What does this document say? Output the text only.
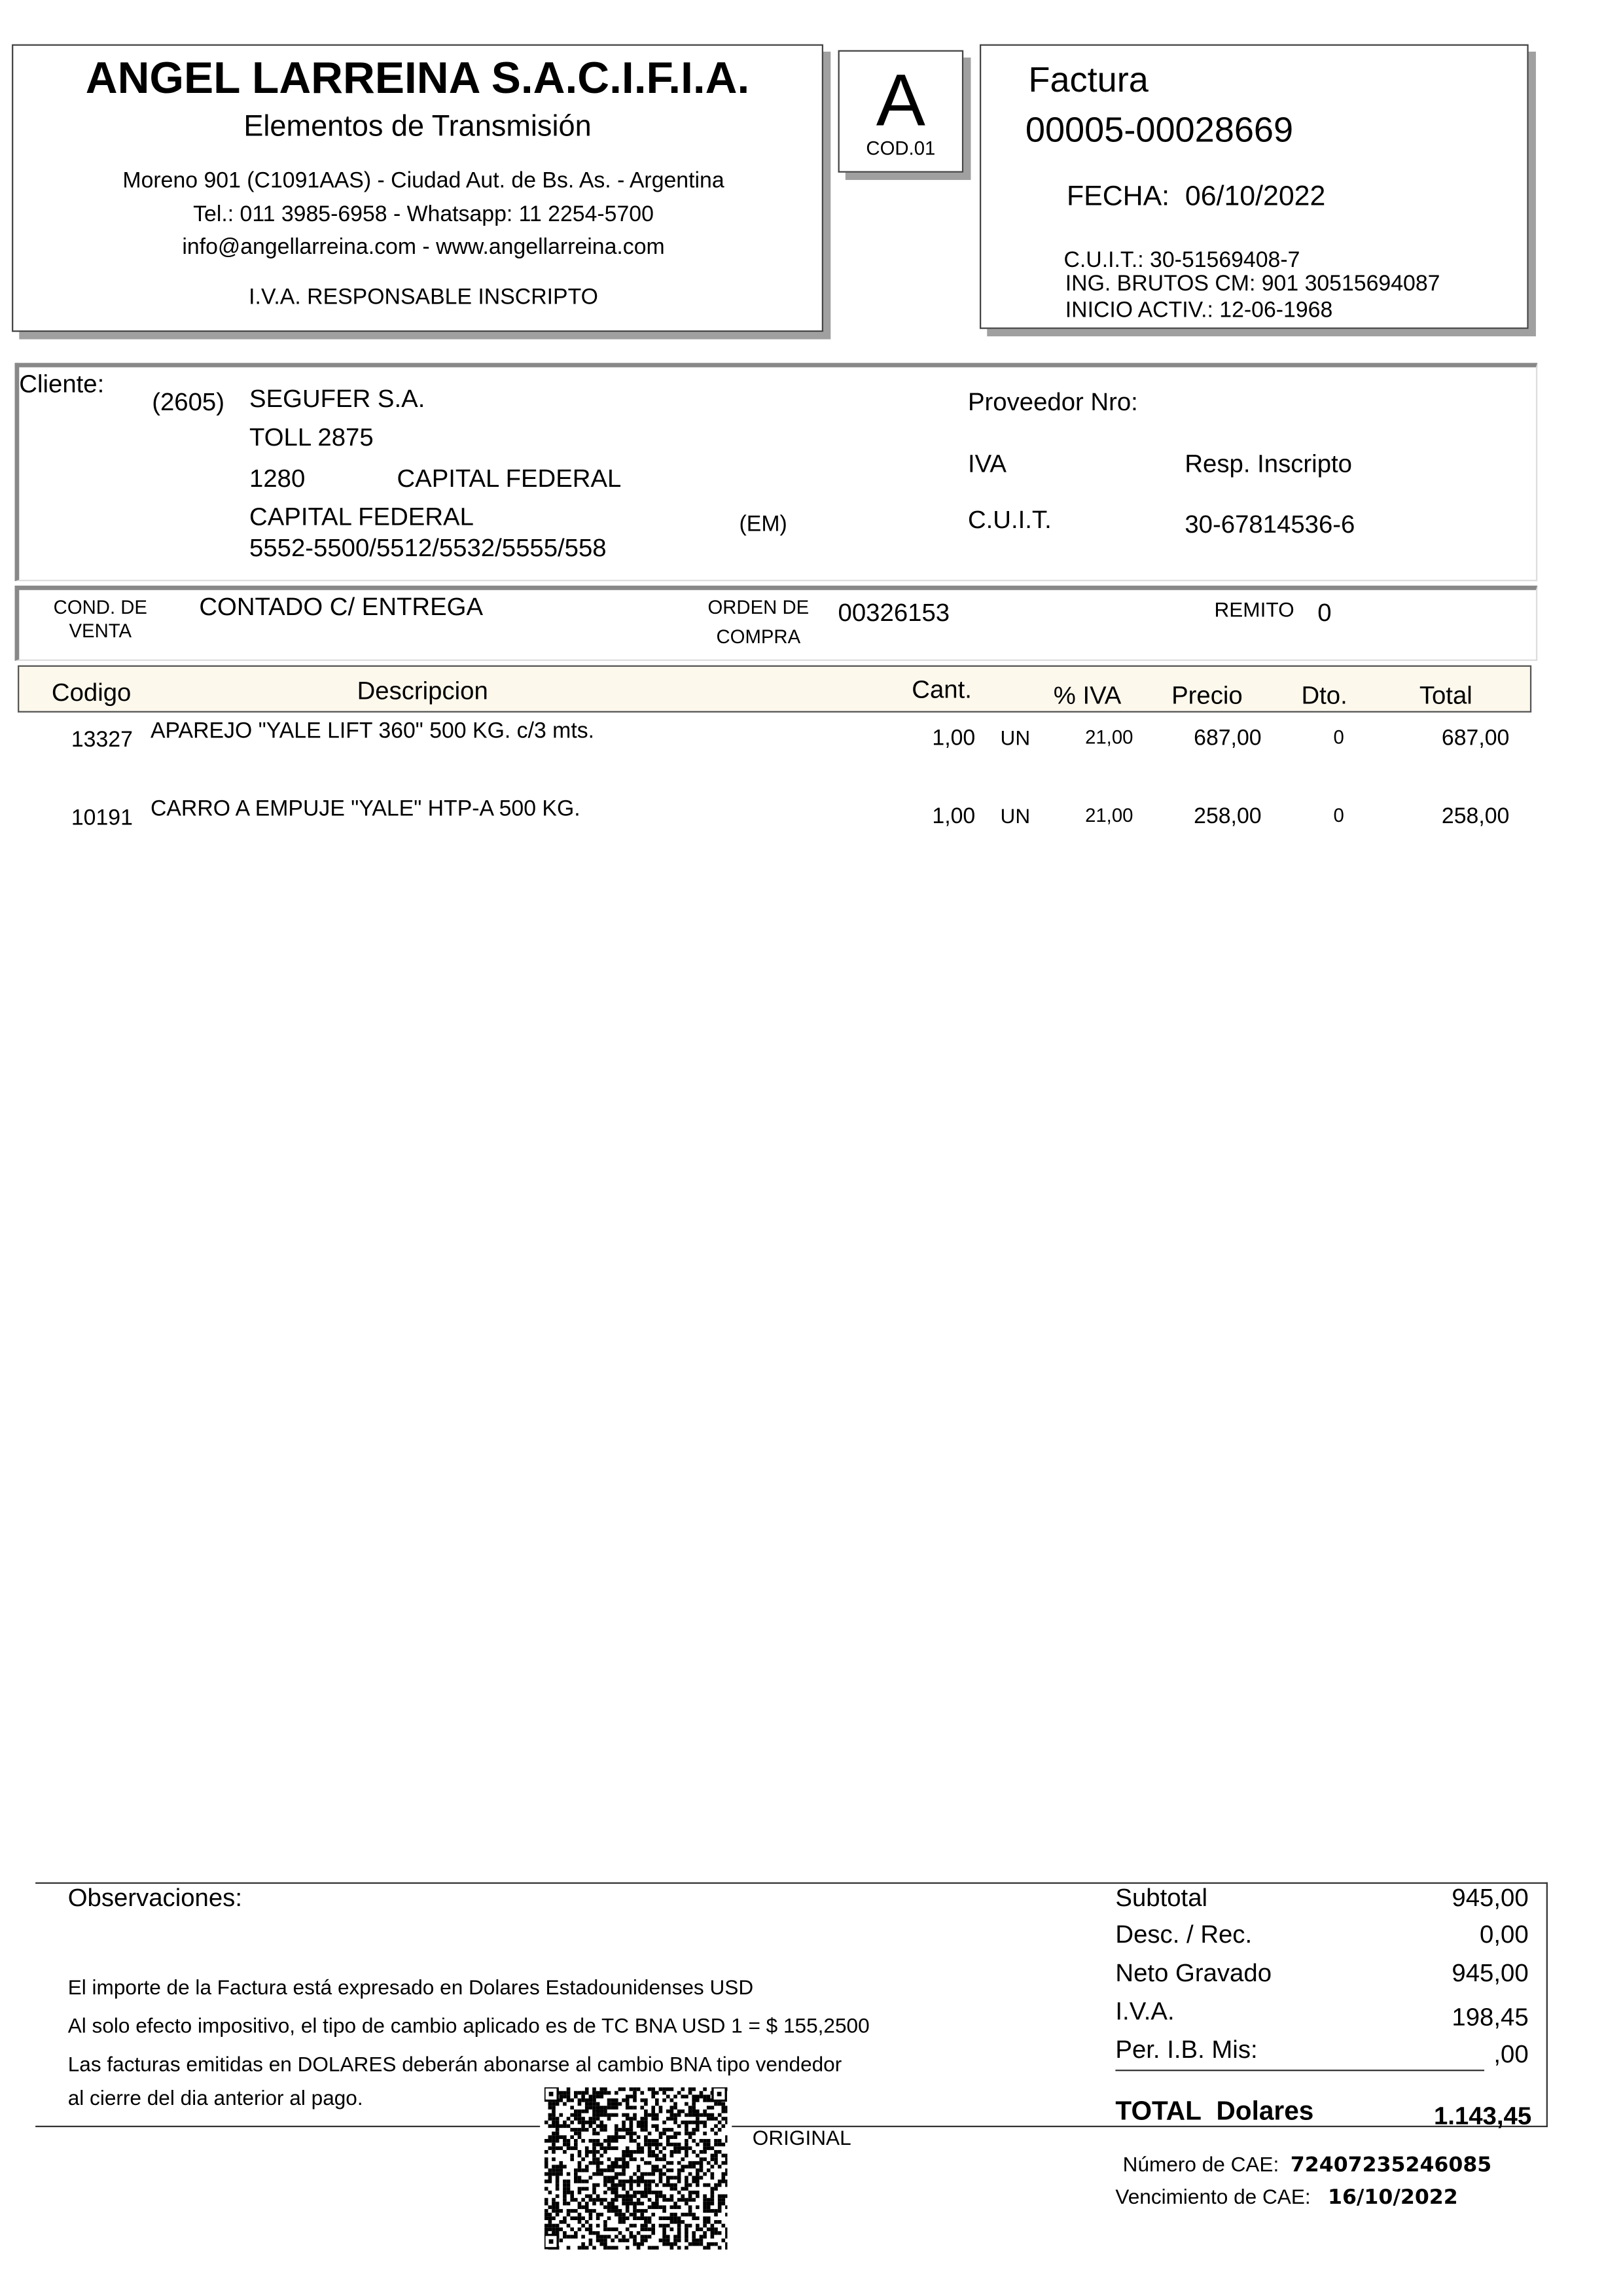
ANGEL LARREINA S.A.C.I.F.I.A.
Elementos de Transmisión
Moreno 901 (C1091AAS) - Ciudad Aut. de Bs. As. - Argentina
Tel.: 011 3985-6958 - Whatsapp: 11 2254-5700
info@angellarreina.com - www.angellarreina.com
I.V.A. RESPONSABLE INSCRIPTO
A
COD.01
Factura
00005-00028669
FECHA: 06/10/2022
C.U.I.T.: 30-51569408-7
ING. BRUTOS CM: 901 30515694087
INICIO ACTIV.: 12-06-1968
Cliente:
(2605) SEGUFER S.A.
TOLL 2875
1280	CAPITAL FEDERAL
CAPITAL FEDERAL
5552-5500/5512/5532/5555/558
(EM)
Proveedor Nro:
IVA	Resp. Inscripto
C.U.I.T.	30-67814536-6
COND. DE
VENTA
CONTADO C/ ENTREGA	ORDEN DE
COMPRA
00326153	REMITO 0
Codigo	Descripcion	Cant.	% IVA	Precio	Dto.	Total
13327 APAREJO "YALE LIFT 360" 500 KG. c/3 mts.	1,00	UN	21,00	687,00	0	687,00
10191 CARRO A EMPUJE "YALE" HTP-A 500 KG.	1,00	UN	21,00	258,00	0	258,00
Observaciones:
El importe de la Factura está expresado en Dolares Estadounidenses USD
Al solo efecto impositivo, el tipo de cambio aplicado es de TC BNA USD 1 = $ 155,2500
Las facturas emitidas en DOLARES deberán abonarse al cambio BNA tipo vendedor
al cierre del dia anterior al pago.
Subtotal	945,00
Desc. / Rec.	0,00
Neto Gravado	945,00
I.V.A.	198,45
Per. I.B. Mis:	,00
TOTAL Dolares	1.143,45
ORIGINAL
Número de CAE: 72407235246085
Vencimiento de CAE: 16/10/2022
